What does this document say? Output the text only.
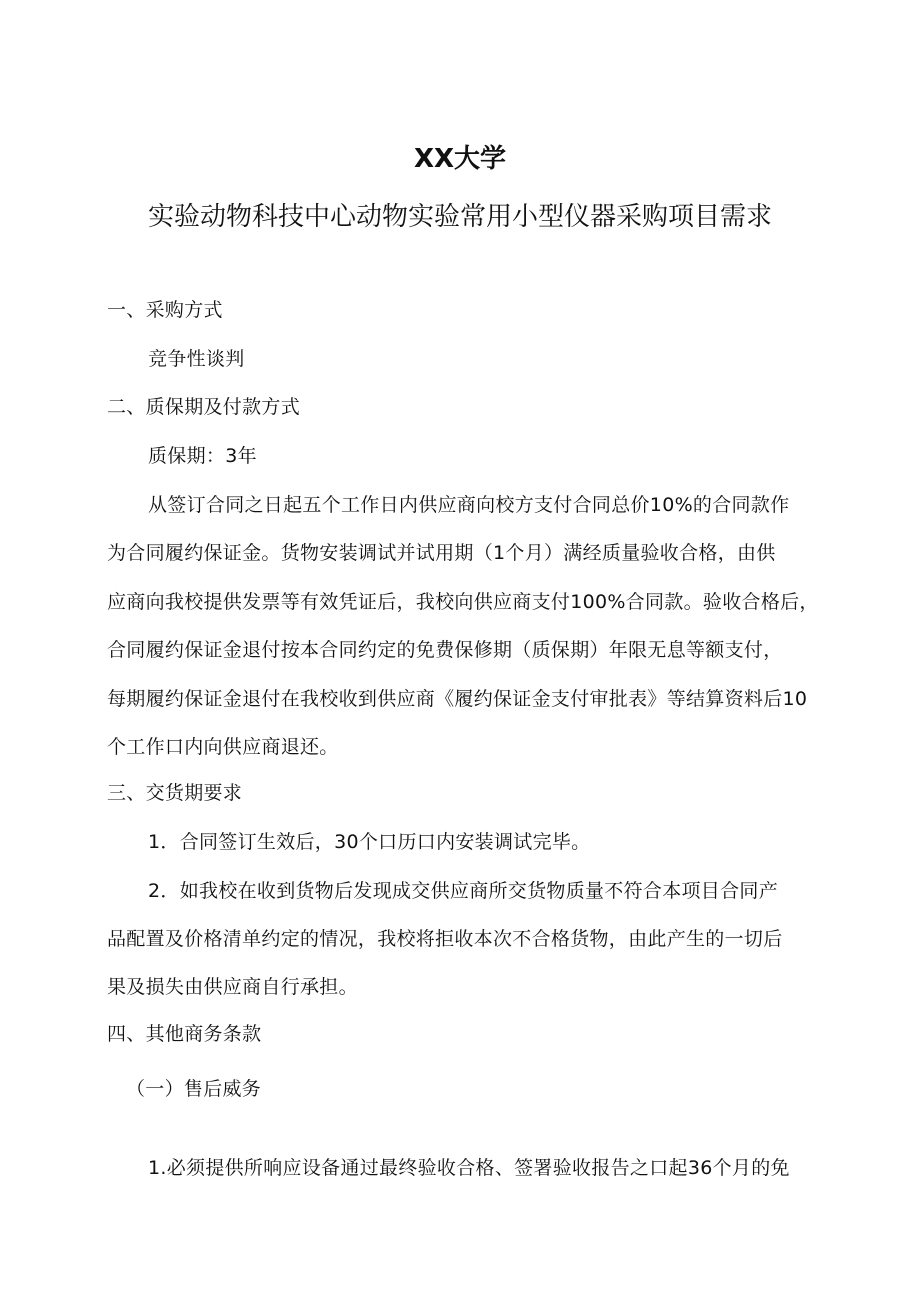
XX大学
实验动物科技中心动物实验常用小型仪器采购项目需求
一、采购方式
竞争性谈判
二、质保期及付款方式
质保期：3年
从签订合同之日起五个工作日内供应商向校方支付合同总价10%的合同款作
为合同履约保证金。货物安装调试并试用期（1个月）满经质量验收合格，由供
应商向我校提供发票等有效凭证后，我校向供应商支付100%合同款。验收合格后，
合同履约保证金退付按本合同约定的免费保修期（质保期）年限无息等额支付，
每期履约保证金退付在我校收到供应商《履约保证金支付审批表》等结算资料后10
个工作口内向供应商退还。
三、交货期要求
1．合同签订生效后，30个口历口内安装调试完毕。
2．如我校在收到货物后发现成交供应商所交货物质量不符合本项目合同产
品配置及价格清单约定的情况，我校将拒收本次不合格货物，由此产生的一切后
果及损失由供应商自行承担。
四、其他商务条款
（一）售后威务
1.必须提供所响应设备通过最终验收合格、签署验收报告之口起36个月的免
